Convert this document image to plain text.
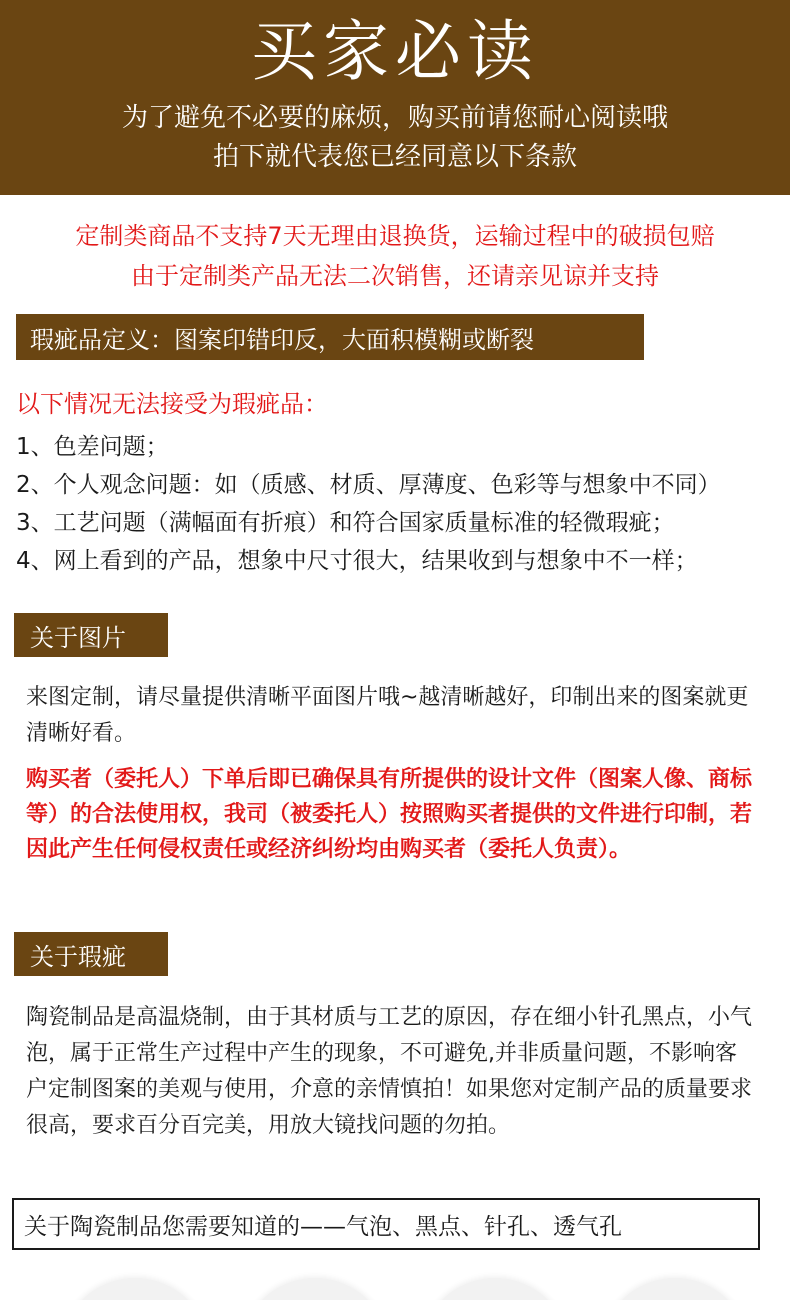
买家必读
为了避免不必要的麻烦，购买前请您耐心阅读哦
拍下就代表您已经同意以下条款
定制类商品不支持7天无理由退换货，运输过程中的破损包赔
由于定制类产品无法二次销售，还请亲见谅并支持
瑕疵品定义：图案印错印反，大面积模糊或断裂
以下情况无法接受为瑕疵品：
1、色差问题；
2、个人观念问题：如（质感、材质、厚薄度、色彩等与想象中不同）
3、工艺问题（满幅面有折痕）和符合国家质量标准的轻微瑕疵；
4、网上看到的产品，想象中尺寸很大，结果收到与想象中不一样；
关于图片
来图定制，请尽量提供清晰平面图片哦~越清晰越好，印制出来的图案就更清晰好看。
购买者（委托人）下单后即已确保具有所提供的设计文件（图案人像、商标等）的合法使用权，我司（被委托人）按照购买者提供的文件进行印制，若因此产生任何侵权责任或经济纠纷均由购买者（委托人负责）。
关于瑕疵
陶瓷制品是高温烧制，由于其材质与工艺的原因，存在细小针孔黑点，小气泡，属于正常生产过程中产生的现象，不可避免,并非质量问题，不影响客户定制图案的美观与使用，介意的亲情慎拍！如果您对定制产品的质量要求很高，要求百分百完美，用放大镜找问题的勿拍。
关于陶瓷制品您需要知道的——气泡、黑点、针孔、透气孔
